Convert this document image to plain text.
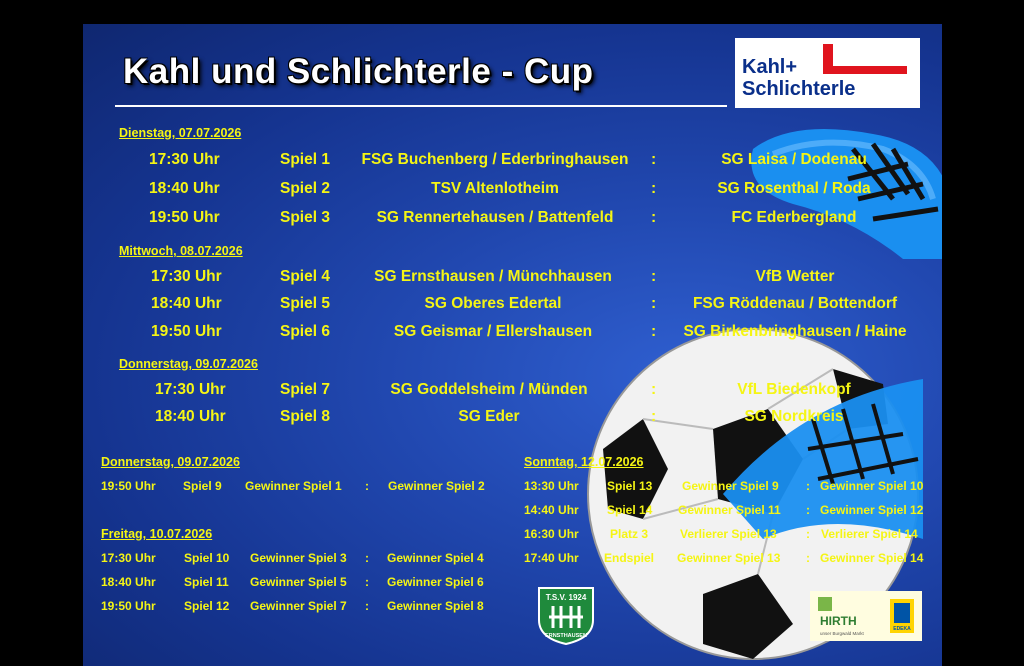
Kahl und Schlichterle - Cup	Kahl+
Schlichterle
Dienstag, 07.07.2026
17:30 Uhr	Spiel 1 FSG Buchenberg / Ederbringhausen :	SG Laisa / Dodenau
18:40 Uhr	Spiel 2	TSV Altenlotheim	:	SG Rosenthal / Roda
19:50 Uhr	Spiel 3	SG Rennertehausen / Battenfeld :	FC Ederbergland
Mittwoch, 08.07.2026
17:30 Uhr	Spiel 4	SG Ernsthausen / Münchhausen	:	VfB Wetter
18:40 Uhr	Spiel 5	SG Oberes Edertal	: FSG Röddenau / Bottendorf
19:50 Uhr	Spiel 6	SG Geismar / Ellershausen	: SG Birkenbringhausen / Haine
Donnerstag, 09.07.2026
17:30 Uhr	Spiel 7	SG Goddelsheim / Münden	:	VfL Biedenkopf
18:40 Uhr	Spiel 8	SG Eder	:	SG Nordkreis
Donnerstag, 09.07.2026
19:50 Uhr Spiel 9 Gewinner Spiel 1 : Gewinner Spiel 2
Freitag, 10.07.2026
17:30 Uhr Spiel 10 Gewinner Spiel 3 : Gewinner Spiel 4
18:40 Uhr Spiel 11 Gewinner Spiel 5 : Gewinner Spiel 6
19:50 Uhr Spiel 12 Gewinner Spiel 7 : Gewinner Spiel 8
Sonntag, 12.07.2026
13:30 Uhr Spiel 13 Gewinner Spiel 9 : Gewinner Spiel 10
14:40 Uhr Spiel 14 Gewinner Spiel 11 : Gewinner Spiel 12
16:30 Uhr	Platz 3	Verlierer Spiel 13 : Verlierer Spiel 14
17:40 Uhr Endspiel Gewinner Spiel 13 : Gewinner Spiel 14
T.S.V. 1924
ERNSTHAUSEN
HIRTH
unser Burgwald Markt
EDEKA
